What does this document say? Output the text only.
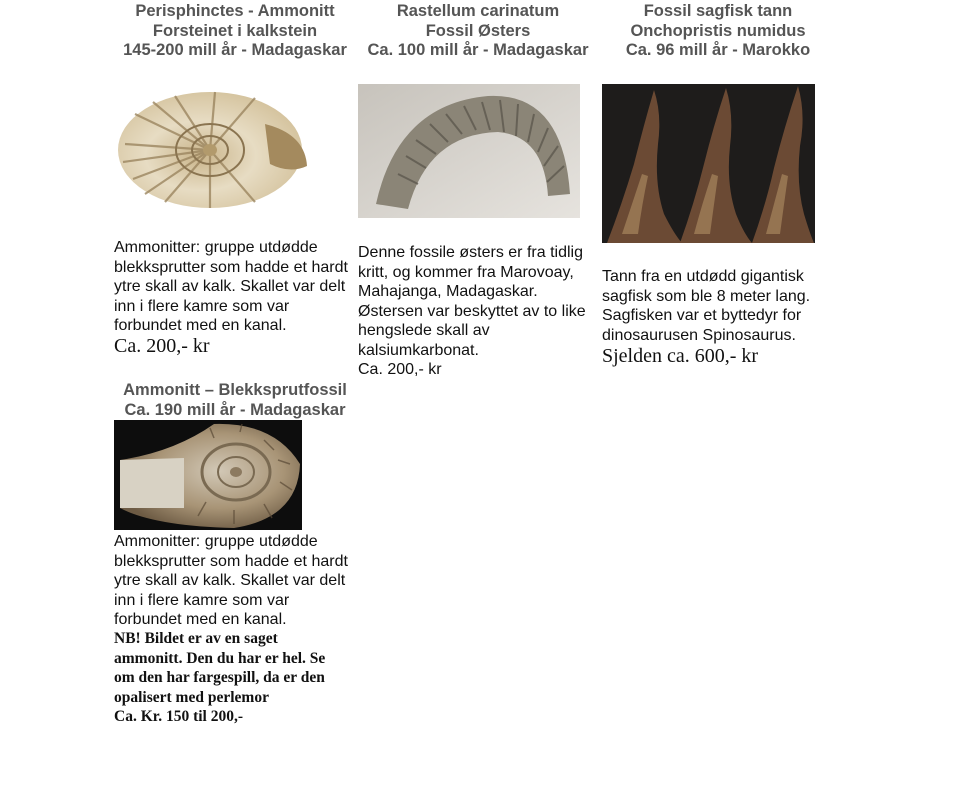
Perisphinctes - Ammonitt
Forsteinet i kalkstein
145-200 mill år - Madagaskar
Ammonitter: gruppe utdødde
blekksprutter som hadde et hardt
ytre skall av kalk. Skallet var delt
inn i flere kamre som var
forbundet med en kanal.
Ca. 200,- kr
Rastellum carinatum
Fossil Østers
Ca. 100 mill år - Madagaskar
Denne fossile østers er fra tidlig
kritt, og kommer fra Marovoay,
Mahajanga, Madagaskar.
Østersen var beskyttet av to like
hengslede skall av
kalsiumkarbonat.
Ca. 200,- kr
Fossil sagfisk tann
Onchopristis numidus
Ca. 96 mill år - Marokko
Tann fra en utdødd gigantisk
sagfisk som ble 8 meter lang.
Sagfisken var et byttedyr for
dinosaurusen Spinosaurus.
Sjelden ca. 600,- kr
Ammonitt – Blekksprutfossil
Ca. 190 mill år - Madagaskar
Ammonitter: gruppe utdødde
blekksprutter som hadde et hardt
ytre skall av kalk. Skallet var delt
inn i flere kamre som var
forbundet med en kanal.
NB! Bildet er av en saget
ammonitt. Den du har er hel. Se
om den har fargespill, da er den
opalisert med perlemor
Ca. Kr. 150 til 200,-
